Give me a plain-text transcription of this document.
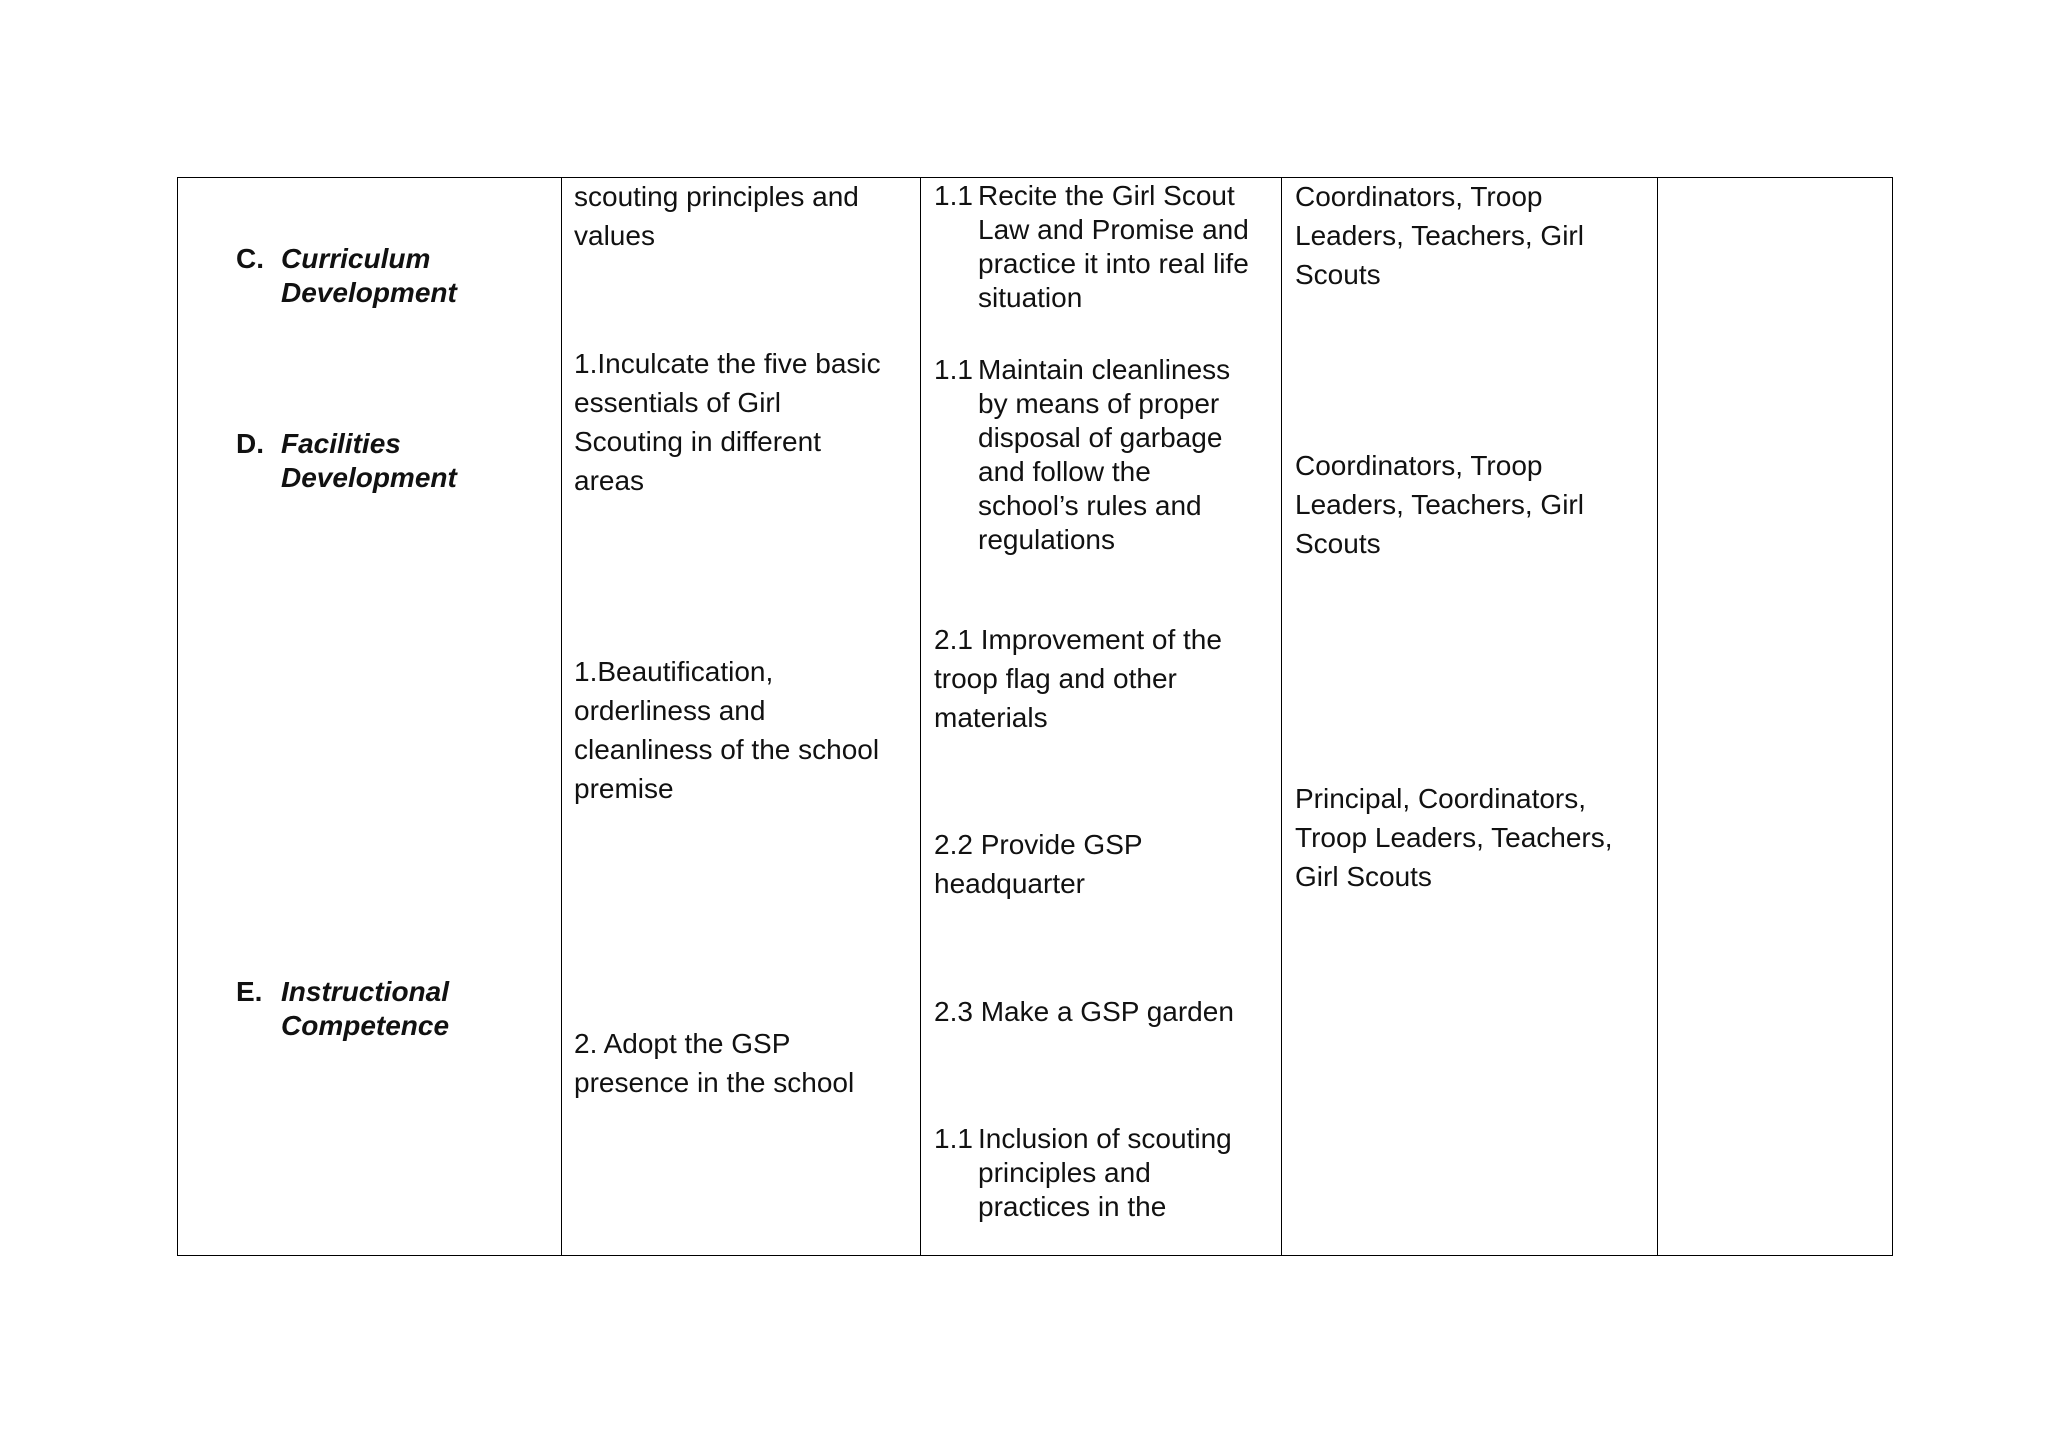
C. Curriculum
Development
D. Facilities
Development
E. Instructional
Competence
scouting principles and
values
1.Inculcate the five basic
essentials of Girl
Scouting in different
areas
1.Beautification,
orderliness and
cleanliness of the school
premise
2. Adopt the GSP
presence in the school
1.1 Recite the Girl Scout
Law and Promise and
practice it into real life
situation
1.1 Maintain cleanliness
by means of proper
disposal of garbage
and follow the
school’s rules and
regulations
2.1 Improvement of the
troop flag and other
materials
2.2 Provide GSP
headquarter
2.3 Make a GSP garden
1.1 Inclusion of scouting
principles and
practices in the
Coordinators, Troop
Leaders, Teachers, Girl
Scouts
Coordinators, Troop
Leaders, Teachers, Girl
Scouts
Principal, Coordinators,
Troop Leaders, Teachers,
Girl Scouts
